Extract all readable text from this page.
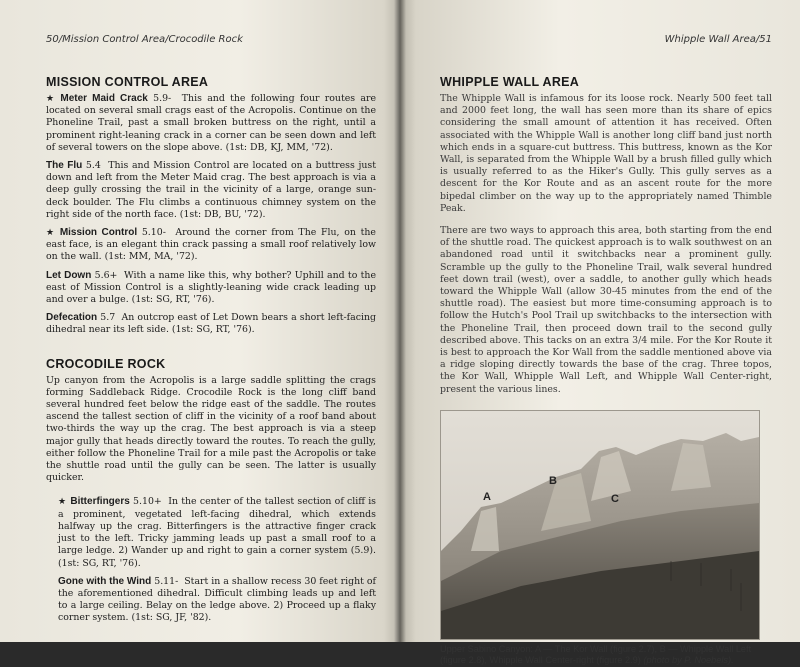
50/Mission Control Area/Crocodile Rock
MISSION CONTROL AREA

★ Meter Maid Crack 5.9- This and the following four routes are located on several small crags east of the Acropolis. Continue on the Phoneline Trail, past a small broken buttress on the right, until a prominent right-leaning crack in a corner can be seen down and left of several towers on the slope above. (1st: DB, KJ, MM, '72).

The Flu 5.4 This and Mission Control are located on a buttress just down and left from the Meter Maid crag. The best approach is via a deep gully crossing the trail in the vicinity of a large, orange sun-deck boulder. The Flu climbs a continuous chimney system on the right side of the north face. (1st: DB, BU, '72).

★ Mission Control 5.10- Around the corner from The Flu, on the east face, is an elegant thin crack passing a small roof relatively low on the wall. (1st: MM, MA, '72).

Let Down 5.6+ With a name like this, why bother? Uphill and to the east of Mission Control is a slightly-leaning wide crack leading up and over a bulge. (1st: SG, RT, '76).

Defecation 5.7 An outcrop east of Let Down bears a short left-facing dihedral near its left side. (1st: SG, RT, '76).

CROCODILE ROCK

Up canyon from the Acropolis is a large saddle splitting the crags forming Saddleback Ridge. Crocodile Rock is the long cliff band several hundred feet below the ridge east of the saddle. The routes ascend the tallest section of cliff in the vicinity of a roof band about two-thirds the way up the crag. The best approach is via a steep major gully that heads directly toward the routes. To reach the gully, either follow the Phoneline Trail for a mile past the Acropolis or take the shuttle road until the gully can be seen. The latter is usually quicker.

★ Bitterfingers 5.10+ In the center of the tallest section of cliff is a prominent, vegetated left-facing dihedral, which extends halfway up the crag. Bitterfingers is the attractive finger crack just to the left. Tricky jamming leads up past a small roof to a large ledge. 2) Wander up and right to gain a corner system (5.9). (1st: SG, RT, '76).

Gone with the Wind 5.11- Start in a shallow recess 30 feet right of the aforementioned dihedral. Difficult climbing leads up and left to a large ceiling. Belay on the ledge above. 2) Proceed up a flaky corner system. (1st: SG, JF, '82).

Whipple Wall Area/51
WHIPPLE WALL AREA

The Whipple Wall is infamous for its loose rock. Nearly 500 feet tall and 2000 feet long, the wall has seen more than its share of epics considering the small amount of attention it has received. Often associated with the Whipple Wall is another long cliff band just north which ends in a square-cut buttress. This buttress, known as the Kor Wall, is separated from the Whipple Wall by a brush filled gully which is usually referred to as the Hiker's Gully. This gully serves as a descent for the Kor Route and as an ascent route for the more bipedal climber on the way up to the appropriately named Thimble Peak.

There are two ways to approach this area, both starting from the end of the shuttle road. The quickest approach is to walk southwest on an abandoned road until it switchbacks near a prominent gully. Scramble up the gully to the Phoneline Trail, walk several hundred feet down trail (west), over a saddle, to another gully which heads toward the Whipple Wall (allow 30-45 minutes from the end of the shuttle road). The easiest but more time-consuming approach is to follow the Hutch's Pool Trail up switchbacks to the intersection with the Phoneline Trail, then proceed down trail to the second gully described above. This tacks on an extra 3/4 mile. For the Kor Route it is best to approach the Kor Wall from the saddle mentioned above via a ridge sloping directly towards the base of the crag. Three topos, the Kor Wall, Whipple Wall Left, and Whipple Wall Center-right, present the various lines.

A
B
C
Upper Sabino Canyon: A — The Kor Wall (figure 2.7), B — Whipple Wall Left (figure 2.8), Whipple Wall Center-right (figure 2.9) (photo by P. Noebels).
